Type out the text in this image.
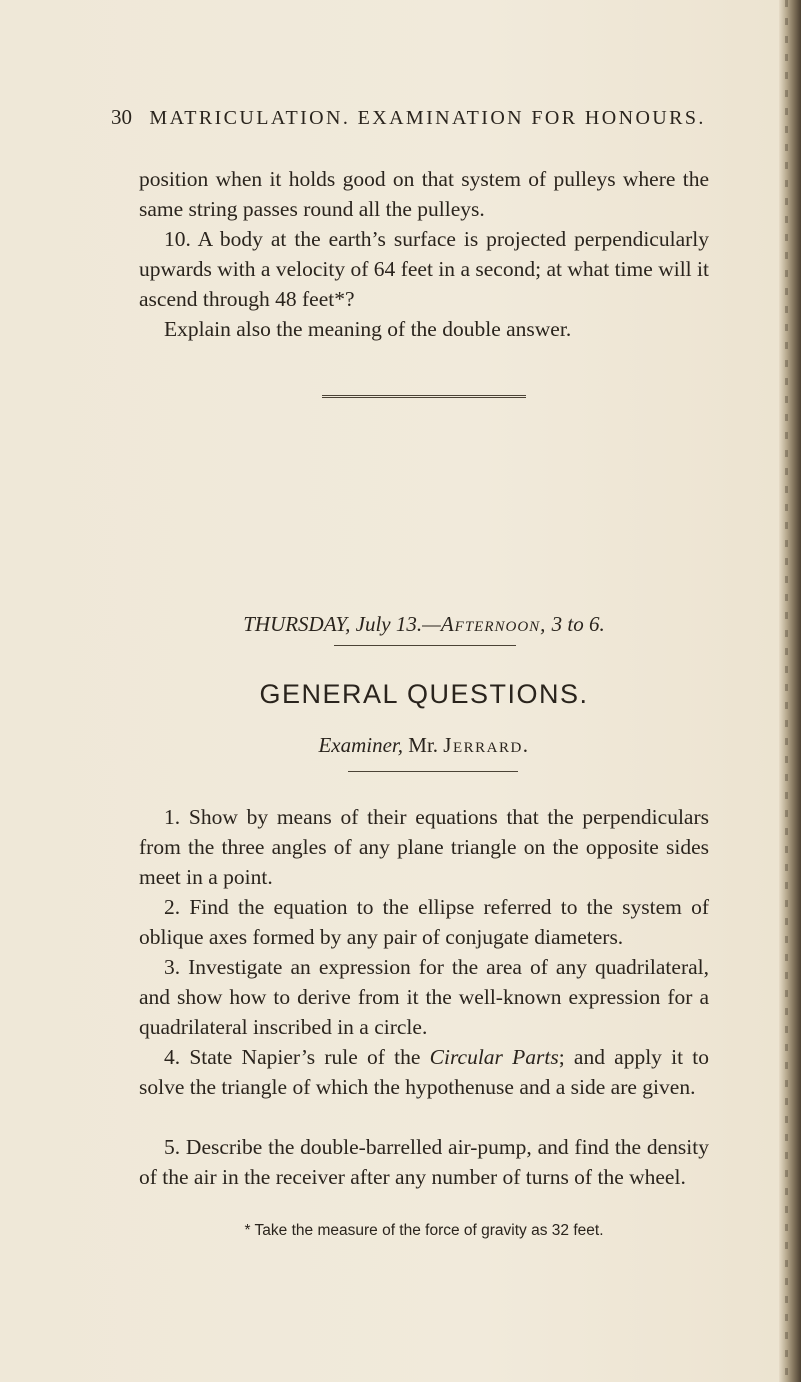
30 MATRICULATION. EXAMINATION FOR HONOURS.
position when it holds good on that system of pulleys where the same string passes round all the pulleys.
10. A body at the earth’s surface is projected perpendicularly upwards with a velocity of 64 feet in a second; at what time will it ascend through 48 feet*?
Explain also the meaning of the double answer.
THURSDAY, July 13.—Afternoon, 3 to 6.
GENERAL QUESTIONS.
Examiner, Mr. Jerrard.
1. Show by means of their equations that the perpendiculars from the three angles of any plane triangle on the opposite sides meet in a point.
2. Find the equation to the ellipse referred to the system of oblique axes formed by any pair of conjugate diameters.
3. Investigate an expression for the area of any quadrilateral, and show how to derive from it the well-known expression for a quadrilateral inscribed in a circle.
4. State Napier’s rule of the Circular Parts; and apply it to solve the triangle of which the hypothenuse and a side are given.
5. Describe the double-barrelled air-pump, and find the density of the air in the receiver after any number of turns of the wheel.
* Take the measure of the force of gravity as 32 feet.
